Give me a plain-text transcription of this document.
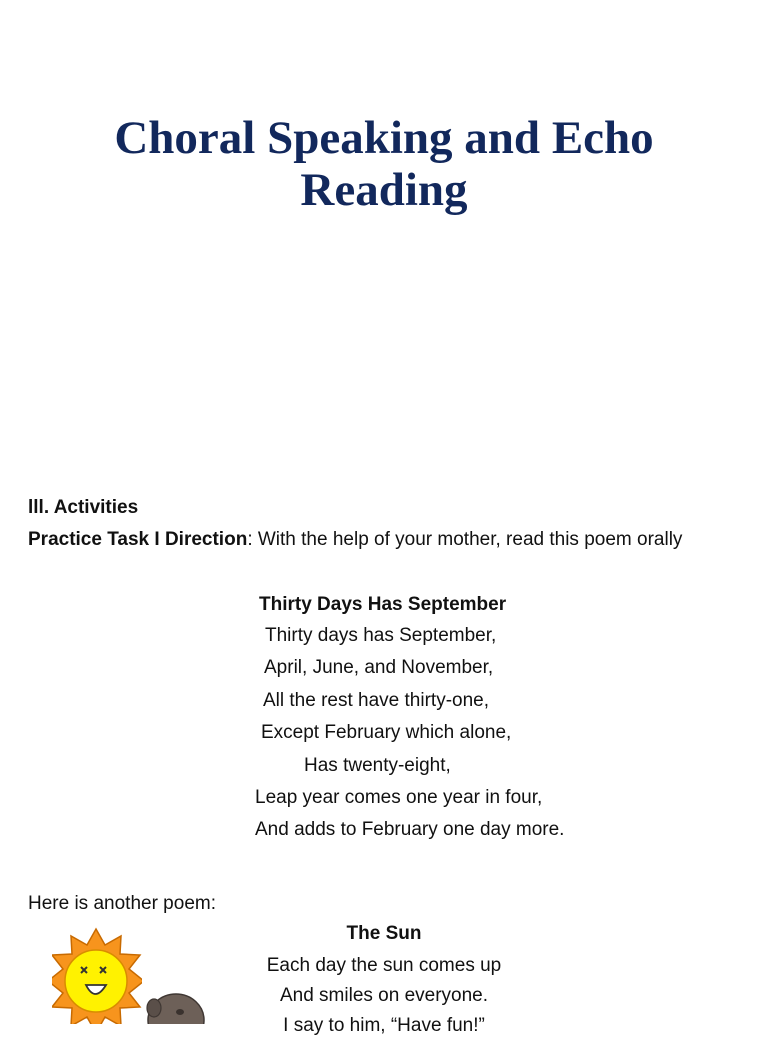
Choral Speaking and Echo
Reading
lll. Activities
Practice Task I Direction: With the help of your mother, read this poem orally
Thirty Days Has September
Thirty days has September,
April, June, and November,
All the rest have thirty-one,
Except February which alone,
Has twenty-eight,
Leap year comes one year in four,
And adds to February one day more.
Here is another poem:
The Sun
Each day the sun comes up
And smiles on everyone.
I say to him, “Have fun!”
